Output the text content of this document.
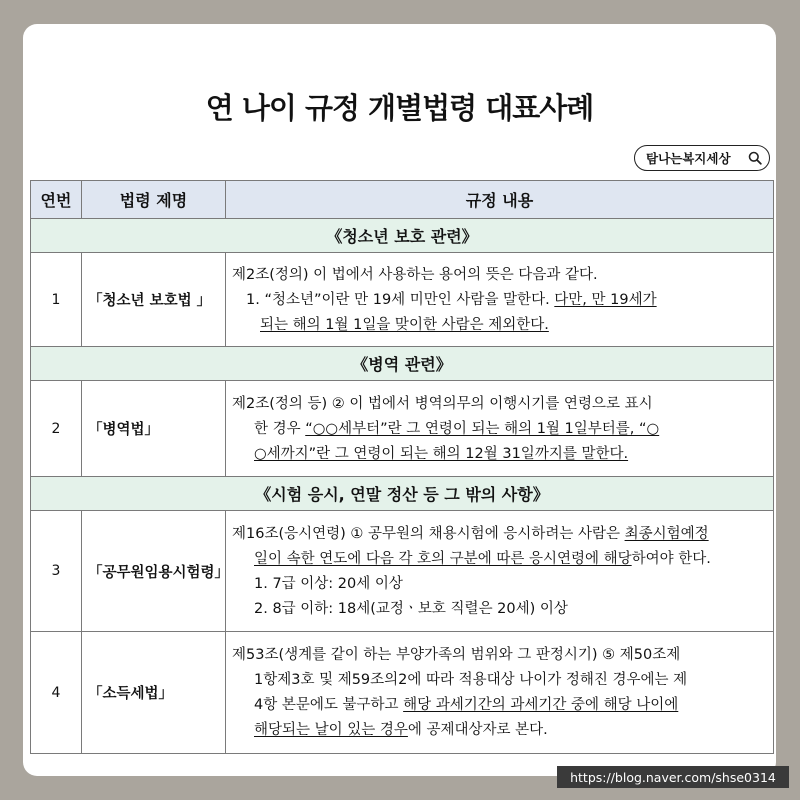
연 나이 규정 개별법령 대표사례
탐나는복지세상
연번	법령 제명	규정 내용
《청소년 보호 관련》		
1	「청소년 보호법 」	제2조(정의) 이 법에서 사용하는 용어의 뜻은 다음과 같다.
1. “청소년”이란 만 19세 미만인 사람을 말한다. 다만, 만 19세가
되는 해의 1월 1일을 맞이한 사람은 제외한다.

《병역 관련》		
2	「병역법」	제2조(정의 등) ② 이 법에서 병역의무의 이행시기를 연령으로 표시
한 경우 “○○세부터”란 그 연령이 되는 해의 1월 1일부터를, “○
○세까지”란 그 연령이 되는 해의 12월 31일까지를 말한다.

《시험 응시, 연말 정산 등 그 밖의 사항》		
3	「공무원임용시험령」	제16조(응시연령) ① 공무원의 채용시험에 응시하려는 사람은 최종시험예정
일이 속한 연도에 다음 각 호의 구분에 따른 응시연령에 해당하여야 한다.
1. 7급 이상: 20세 이상
2. 8급 이하: 18세(교정ㆍ보호 직렬은 20세) 이상

4	「소득세법」	제53조(생계를 같이 하는 부양가족의 범위와 그 판정시기) ⑤ 제50조제
1항제3호 및 제59조의2에 따라 적용대상 나이가 정해진 경우에는 제
4항 본문에도 불구하고 해당 과세기간의 과세기간 중에 해당 나이에
해당되는 날이 있는 경우에 공제대상자로 본다.
https://blog.naver.com/shse0314
